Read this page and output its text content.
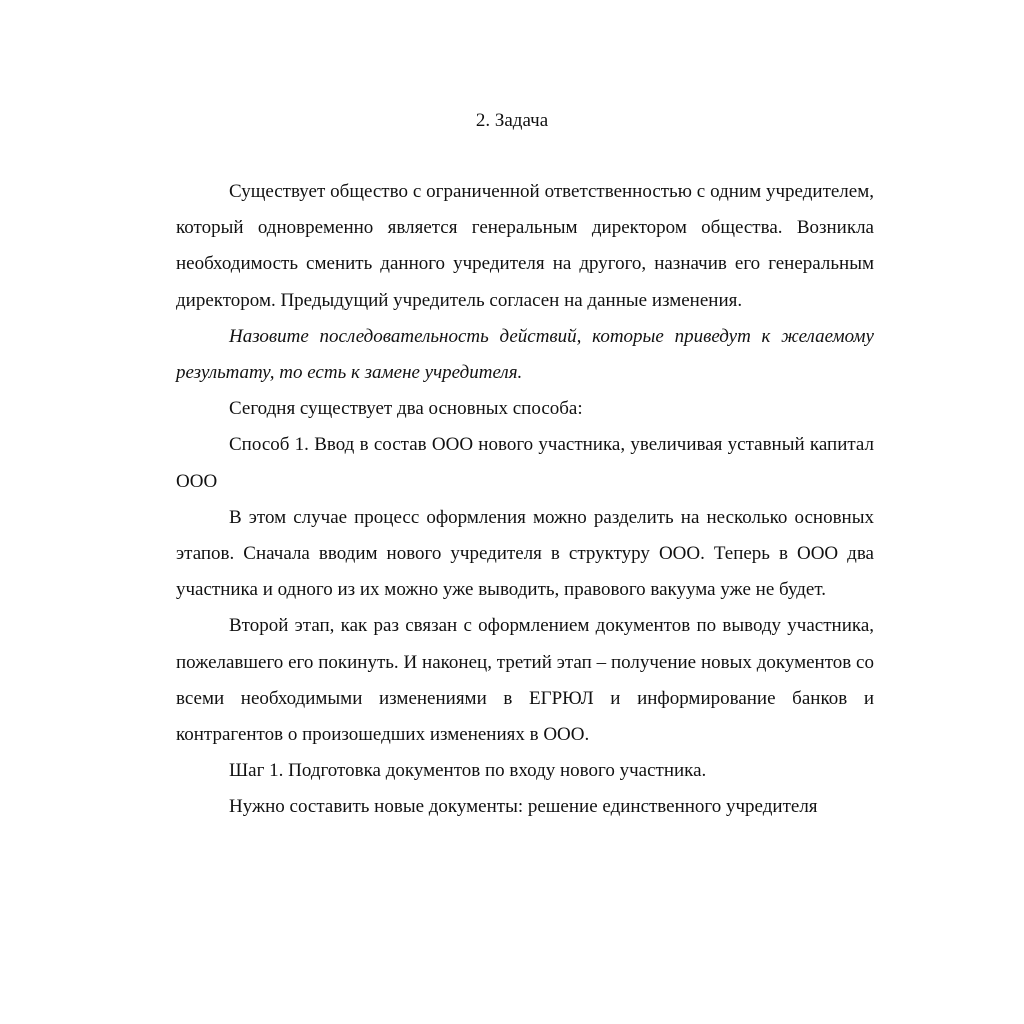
2. Задача

Существует общество с ограниченной ответственностью с одним учредителем, который одновременно является генеральным директором общества. Возникла необходимость сменить данного учредителя на другого, назначив его генеральным директором. Предыдущий учредитель согласен на данные изменения.

Назовите последовательность действий, которые приведут к желаемому результату, то есть к замене учредителя.

Сегодня существует два основных способа:

Способ 1. Ввод в состав ООО нового участника, увеличивая уставный капитал ООО

В этом случае процесс оформления можно разделить на несколько основных этапов. Сначала вводим нового учредителя в структуру ООО. Теперь в ООО два участника и одного из их можно уже выводить, правового вакуума уже не будет.

Второй этап, как раз связан с оформлением документов по выводу участника, пожелавшего его покинуть. И наконец, третий этап – получение новых документов со всеми необходимыми изменениями в ЕГРЮЛ и информирование банков и контрагентов о произошедших изменениях в ООО.

Шаг 1. Подготовка документов по входу нового участника.

Нужно составить новые документы: решение единственного учредителя
